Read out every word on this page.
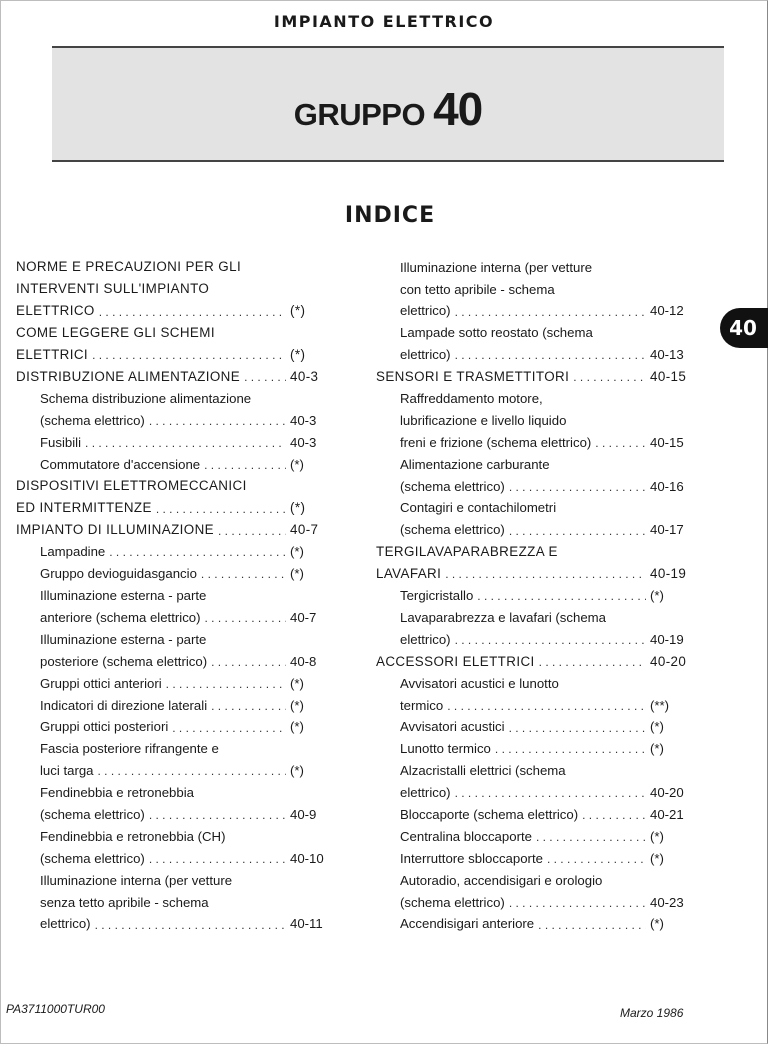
IMPIANTO ELETTRICO
GRUPPO 40
INDICE
NORME E PRECAUZIONI PER GLI
INTERVENTI SULL'IMPIANTO
ELETTRICO . . .	(*)
COME LEGGERE GLI SCHEMI
ELETTRICI . . .	(*)
DISTRIBUZIONE ALIMENTAZIONE . . .	40-3
Schema distribuzione alimentazione
(schema elettrico) . . .	40-3
Fusibili . . .	40-3
Commutatore d'accensione . . .	(*)
DISPOSITIVI ELETTROMECCANICI
ED INTERMITTENZE . . .	(*)
IMPIANTO DI ILLUMINAZIONE . . .	40-7
Lampadine . . .	(*)
Gruppo devioguidasgancio . . .	(*)
Illuminazione esterna - parte
anteriore (schema elettrico) . . .	40-7
Illuminazione esterna - parte
posteriore (schema elettrico) . . .	40-8
Gruppi ottici anteriori . . .	(*)
Indicatori di direzione laterali . . .	(*)
Gruppi ottici posteriori . . .	(*)
Fascia posteriore rifrangente e
luci targa . . .	(*)
Fendinebbia e retronebbia
(schema elettrico) . . .	40-9
Fendinebbia e retronebbia (CH)
(schema elettrico) . . .	40-10
Illuminazione interna (per vetture
senza tetto apribile - schema
elettrico) . . .	40-11
Illuminazione interna (per vetture
con tetto apribile - schema
elettrico) . . .	40-12
Lampade sotto reostato (schema
elettrico) . . .	40-13
SENSORI E TRASMETTITORI . . .	40-15
Raffreddamento motore,
lubrificazione e livello liquido
freni e frizione (schema elettrico) . . .	40-15
Alimentazione carburante
(schema elettrico) . . .	40-16
Contagiri e contachilometri
(schema elettrico) . . .	40-17
TERGILAVAPARABREZZA E
LAVAFARI . . .	40-19
Tergicristallo . . .	(*)
Lavaparabrezza e lavafari (schema
elettrico) . . .	40-19
ACCESSORI ELETTRICI . . .	40-20
Avvisatori acustici e lunotto
termico . . .	(**)
Avvisatori acustici . . .	(*)
Lunotto termico . . .	(*)
Alzacristalli elettrici (schema
elettrico) . . .	40-20
Bloccaporte (schema elettrico) . . .	40-21
Centralina bloccaporte . . .	(*)
Interruttore sbloccaporte . . .	(*)
Autoradio, accendisigari e orologio
(schema elettrico) . . .	40-23
Accendisigari anteriore . . .	(*)
40
PA3711000TUR00	Marzo 1986
